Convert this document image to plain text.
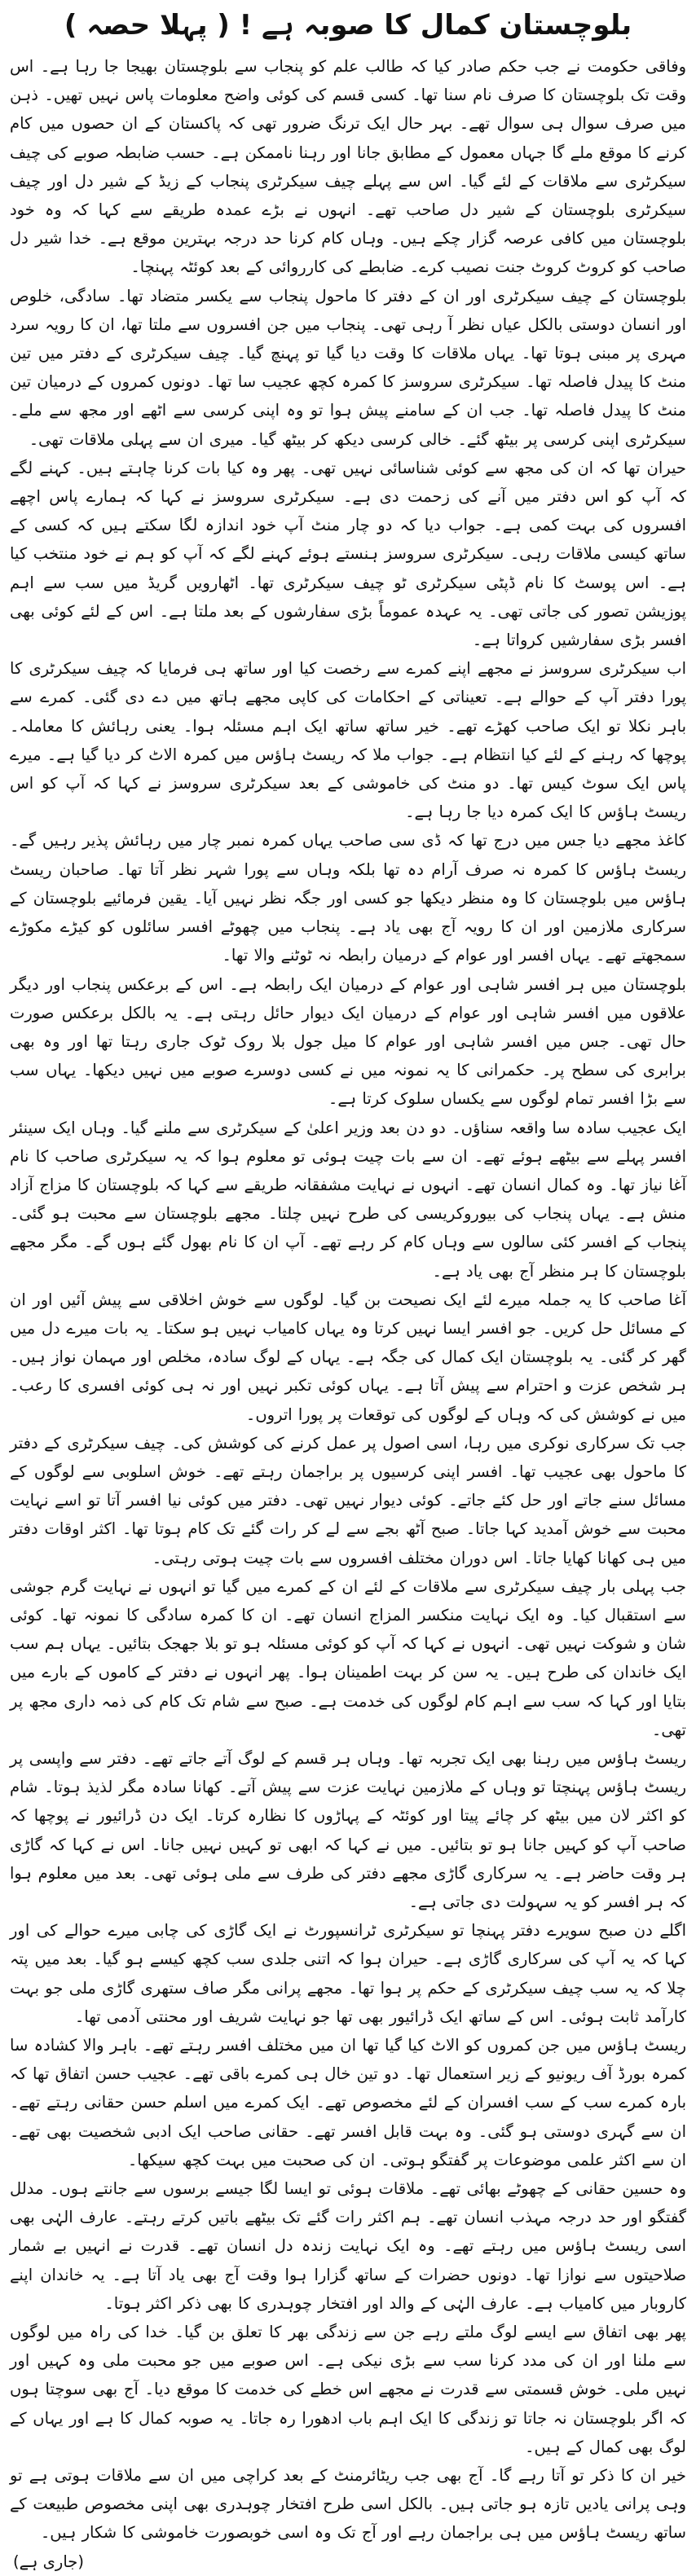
بلوچستان کمال کا صوبہ ہے ! ( پہلا حصہ )

وفاقی حکومت نے جب حکم صادر کیا کہ طالب علم کو پنجاب سے بلوچستان بھیجا جا رہا ہے۔ اس وقت تک بلوچستان کا صرف نام سنا تھا۔ کسی قسم کی کوئی واضح معلومات پاس نہیں تھیں۔ ذہن میں صرف سوال ہی سوال تھے۔ بہر حال ایک ترنگ ضرور تھی کہ پاکستان کے ان حصوں میں کام کرنے کا موقع ملے گا جہاں معمول کے مطابق جانا اور رہنا ناممکن ہے۔ حسب ضابطہ صوبے کی چیف سیکرٹری سے ملاقات کے لئے گیا۔ اس سے پہلے چیف سیکرٹری پنجاب کے زیڈ کے شیر دل اور چیف سیکرٹری بلوچستان کے شیر دل صاحب تھے۔ انہوں نے بڑے عمدہ طریقے سے کہا کہ وہ خود بلوچستان میں کافی عرصہ گزار چکے ہیں۔ وہاں کام کرنا حد درجہ بہترین موقع ہے۔ خدا شیر دل صاحب کو کروٹ کروٹ جنت نصیب کرے۔ ضابطے کی کارروائی کے بعد کوئٹہ پہنچا۔

بلوچستان کے چیف سیکرٹری اور ان کے دفتر کا ماحول پنجاب سے یکسر متضاد تھا۔ سادگی، خلوص اور انسان دوستی بالکل عیاں نظر آ رہی تھی۔ پنجاب میں جن افسروں سے ملتا تھا، ان کا رویہ سرد مہری پر مبنی ہوتا تھا۔ یہاں ملاقات کا وقت دیا گیا تو پہنچ گیا۔ چیف سیکرٹری کے دفتر میں تین منٹ کا پیدل فاصلہ تھا۔ سیکرٹری سروسز کا کمرہ کچھ عجیب سا تھا۔ دونوں کمروں کے درمیان تین منٹ کا پیدل فاصلہ تھا۔ جب ان کے سامنے پیش ہوا تو وہ اپنی کرسی سے اٹھے اور مجھ سے ملے۔ سیکرٹری اپنی کرسی پر بیٹھ گئے۔ خالی کرسی دیکھ کر بیٹھ گیا۔ میری ان سے پہلی ملاقات تھی۔

حیران تھا کہ ان کی مجھ سے کوئی شناسائی نہیں تھی۔ پھر وہ کیا بات کرنا چاہتے ہیں۔ کہنے لگے کہ آپ کو اس دفتر میں آنے کی زحمت دی ہے۔ سیکرٹری سروسز نے کہا کہ ہمارے پاس اچھے افسروں کی بہت کمی ہے۔ جواب دیا کہ دو چار منٹ آپ خود اندازہ لگا سکتے ہیں کہ کسی کے ساتھ کیسی ملاقات رہی۔ سیکرٹری سروسز ہنستے ہوئے کہنے لگے کہ آپ کو ہم نے خود منتخب کیا ہے۔ اس پوسٹ کا نام ڈپٹی سیکرٹری ٹو چیف سیکرٹری تھا۔ اٹھارویں گریڈ میں سب سے اہم پوزیشن تصور کی جاتی تھی۔ یہ عہدہ عموماً بڑی سفارشوں کے بعد ملتا ہے۔ اس کے لئے کوئی بھی افسر بڑی سفارشیں کرواتا ہے۔

اب سیکرٹری سروسز نے مجھے اپنے کمرے سے رخصت کیا اور ساتھ ہی فرمایا کہ چیف سیکرٹری کا پورا دفتر آپ کے حوالے ہے۔ تعیناتی کے احکامات کی کاپی مجھے ہاتھ میں دے دی گئی۔ کمرے سے باہر نکلا تو ایک صاحب کھڑے تھے۔ خیر ساتھ ساتھ ایک اہم مسئلہ ہوا۔ یعنی رہائش کا معاملہ۔ پوچھا کہ رہنے کے لئے کیا انتظام ہے۔ جواب ملا کہ ریسٹ ہاؤس میں کمرہ الاٹ کر دیا گیا ہے۔ میرے پاس ایک سوٹ کیس تھا۔ دو منٹ کی خاموشی کے بعد سیکرٹری سروسز نے کہا کہ آپ کو اس ریسٹ ہاؤس کا ایک کمرہ دیا جا رہا ہے۔

کاغذ مجھے دیا جس میں درج تھا کہ ڈی سی صاحب یہاں کمرہ نمبر چار میں رہائش پذیر رہیں گے۔ ریسٹ ہاؤس کا کمرہ نہ صرف آرام دہ تھا بلکہ وہاں سے پورا شہر نظر آتا تھا۔ صاحبان ریسٹ ہاؤس میں بلوچستان کا وہ منظر دیکھا جو کسی اور جگہ نظر نہیں آیا۔ یقین فرمائیے بلوچستان کے سرکاری ملازمین اور ان کا رویہ آج بھی یاد ہے۔ پنجاب میں چھوٹے افسر سائلوں کو کیڑے مکوڑے سمجھتے تھے۔ یہاں افسر اور عوام کے درمیان رابطہ نہ ٹوٹنے والا تھا۔

بلوچستان میں ہر افسر شاہی اور عوام کے درمیان ایک رابطہ ہے۔ اس کے برعکس پنجاب اور دیگر علاقوں میں افسر شاہی اور عوام کے درمیان ایک دیوار حائل رہتی ہے۔ یہ بالکل برعکس صورت حال تھی۔ جس میں افسر شاہی اور عوام کا میل جول بلا روک ٹوک جاری رہتا تھا اور وہ بھی برابری کی سطح پر۔ حکمرانی کا یہ نمونہ میں نے کسی دوسرے صوبے میں نہیں دیکھا۔ یہاں سب سے بڑا افسر تمام لوگوں سے یکساں سلوک کرتا ہے۔

ایک عجیب سادہ سا واقعہ سناؤں۔ دو دن بعد وزیر اعلیٰ کے سیکرٹری سے ملنے گیا۔ وہاں ایک سینئر افسر پہلے سے بیٹھے ہوئے تھے۔ ان سے بات چیت ہوئی تو معلوم ہوا کہ یہ سیکرٹری صاحب کا نام آغا نیاز تھا۔ وہ کمال انسان تھے۔ انہوں نے نہایت مشفقانہ طریقے سے کہا کہ بلوچستان کا مزاج آزاد منش ہے۔ یہاں پنجاب کی بیوروکریسی کی طرح نہیں چلتا۔ مجھے بلوچستان سے محبت ہو گئی۔ پنجاب کے افسر کئی سالوں سے وہاں کام کر رہے تھے۔ آپ ان کا نام بھول گئے ہوں گے۔ مگر مجھے بلوچستان کا ہر منظر آج بھی یاد ہے۔

آغا صاحب کا یہ جملہ میرے لئے ایک نصیحت بن گیا۔ لوگوں سے خوش اخلاقی سے پیش آئیں اور ان کے مسائل حل کریں۔ جو افسر ایسا نہیں کرتا وہ یہاں کامیاب نہیں ہو سکتا۔ یہ بات میرے دل میں گھر کر گئی۔ یہ بلوچستان ایک کمال کی جگہ ہے۔ یہاں کے لوگ سادہ، مخلص اور مہمان نواز ہیں۔ ہر شخص عزت و احترام سے پیش آتا ہے۔ یہاں کوئی تکبر نہیں اور نہ ہی کوئی افسری کا رعب۔ میں نے کوشش کی کہ وہاں کے لوگوں کی توقعات پر پورا اتروں۔

جب تک سرکاری نوکری میں رہا، اسی اصول پر عمل کرنے کی کوشش کی۔ چیف سیکرٹری کے دفتر کا ماحول بھی عجیب تھا۔ افسر اپنی کرسیوں پر براجمان رہتے تھے۔ خوش اسلوبی سے لوگوں کے مسائل سنے جاتے اور حل کئے جاتے۔ کوئی دیوار نہیں تھی۔ دفتر میں کوئی نیا افسر آتا تو اسے نہایت محبت سے خوش آمدید کہا جاتا۔ صبح آٹھ بجے سے لے کر رات گئے تک کام ہوتا تھا۔ اکثر اوقات دفتر میں ہی کھانا کھایا جاتا۔ اس دوران مختلف افسروں سے بات چیت ہوتی رہتی۔

جب پہلی بار چیف سیکرٹری سے ملاقات کے لئے ان کے کمرے میں گیا تو انہوں نے نہایت گرم جوشی سے استقبال کیا۔ وہ ایک نہایت منکسر المزاج انسان تھے۔ ان کا کمرہ سادگی کا نمونہ تھا۔ کوئی شان و شوکت نہیں تھی۔ انہوں نے کہا کہ آپ کو کوئی مسئلہ ہو تو بلا جھجک بتائیں۔ یہاں ہم سب ایک خاندان کی طرح ہیں۔ یہ سن کر بہت اطمینان ہوا۔ پھر انہوں نے دفتر کے کاموں کے بارے میں بتایا اور کہا کہ سب سے اہم کام لوگوں کی خدمت ہے۔ صبح سے شام تک کام کی ذمہ داری مجھ پر تھی۔

ریسٹ ہاؤس میں رہنا بھی ایک تجربہ تھا۔ وہاں ہر قسم کے لوگ آتے جاتے تھے۔ دفتر سے واپسی پر ریسٹ ہاؤس پہنچتا تو وہاں کے ملازمین نہایت عزت سے پیش آتے۔ کھانا سادہ مگر لذیذ ہوتا۔ شام کو اکثر لان میں بیٹھ کر چائے پیتا اور کوئٹہ کے پہاڑوں کا نظارہ کرتا۔ ایک دن ڈرائیور نے پوچھا کہ صاحب آپ کو کہیں جانا ہو تو بتائیں۔ میں نے کہا کہ ابھی تو کہیں نہیں جانا۔ اس نے کہا کہ گاڑی ہر وقت حاضر ہے۔ یہ سرکاری گاڑی مجھے دفتر کی طرف سے ملی ہوئی تھی۔ بعد میں معلوم ہوا کہ ہر افسر کو یہ سہولت دی جاتی ہے۔

اگلے دن صبح سویرے دفتر پہنچا تو سیکرٹری ٹرانسپورٹ نے ایک گاڑی کی چابی میرے حوالے کی اور کہا کہ یہ آپ کی سرکاری گاڑی ہے۔ حیران ہوا کہ اتنی جلدی سب کچھ کیسے ہو گیا۔ بعد میں پتہ چلا کہ یہ سب چیف سیکرٹری کے حکم پر ہوا تھا۔ مجھے پرانی مگر صاف ستھری گاڑی ملی جو بہت کارآمد ثابت ہوئی۔ اس کے ساتھ ایک ڈرائیور بھی تھا جو نہایت شریف اور محنتی آدمی تھا۔

ریسٹ ہاؤس میں جن کمروں کو الاٹ کیا گیا تھا ان میں مختلف افسر رہتے تھے۔ باہر والا کشادہ سا کمرہ بورڈ آف ریونیو کے زیر استعمال تھا۔ دو تین خال ہی کمرے باقی تھے۔ عجیب حسن اتفاق تھا کہ بارہ کمرے سب کے سب افسران کے لئے مخصوص تھے۔ ایک کمرے میں اسلم حسن حقانی رہتے تھے۔ ان سے گہری دوستی ہو گئی۔ وہ بہت قابل افسر تھے۔ حقانی صاحب ایک ادبی شخصیت بھی تھے۔ ان سے اکثر علمی موضوعات پر گفتگو ہوتی۔ ان کی صحبت میں بہت کچھ سیکھا۔

وہ حسین حقانی کے چھوٹے بھائی تھے۔ ملاقات ہوئی تو ایسا لگا جیسے برسوں سے جانتے ہوں۔ مدلل گفتگو اور حد درجہ مہذب انسان تھے۔ ہم اکثر رات گئے تک بیٹھے باتیں کرتے رہتے۔ عارف الہٰی بھی اسی ریسٹ ہاؤس میں رہتے تھے۔ وہ ایک نہایت زندہ دل انسان تھے۔ قدرت نے انہیں بے شمار صلاحیتوں سے نوازا تھا۔ دونوں حضرات کے ساتھ گزارا ہوا وقت آج بھی یاد آتا ہے۔ یہ خاندان اپنے کاروبار میں کامیاب ہے۔ عارف الہٰی کے والد اور افتخار چوہدری کا بھی ذکر اکثر ہوتا۔

پھر بھی اتفاق سے ایسے لوگ ملتے رہے جن سے زندگی بھر کا تعلق بن گیا۔ خدا کی راہ میں لوگوں سے ملنا اور ان کی مدد کرنا سب سے بڑی نیکی ہے۔ اس صوبے میں جو محبت ملی وہ کہیں اور نہیں ملی۔ خوش قسمتی سے قدرت نے مجھے اس خطے کی خدمت کا موقع دیا۔ آج بھی سوچتا ہوں کہ اگر بلوچستان نہ جاتا تو زندگی کا ایک اہم باب ادھورا رہ جاتا۔ یہ صوبہ کمال کا ہے اور یہاں کے لوگ بھی کمال کے ہیں۔

خیر ان کا ذکر تو آتا رہے گا۔ آج بھی جب ریٹائرمنٹ کے بعد کراچی میں ان سے ملاقات ہوتی ہے تو وہی پرانی یادیں تازہ ہو جاتی ہیں۔ بالکل اسی طرح افتخار چوہدری بھی اپنی مخصوص طبیعت کے ساتھ ریسٹ ہاؤس میں ہی براجمان رہے اور آج تک وہ اسی خوبصورت خاموشی کا شکار ہیں۔

(جاری ہے)
